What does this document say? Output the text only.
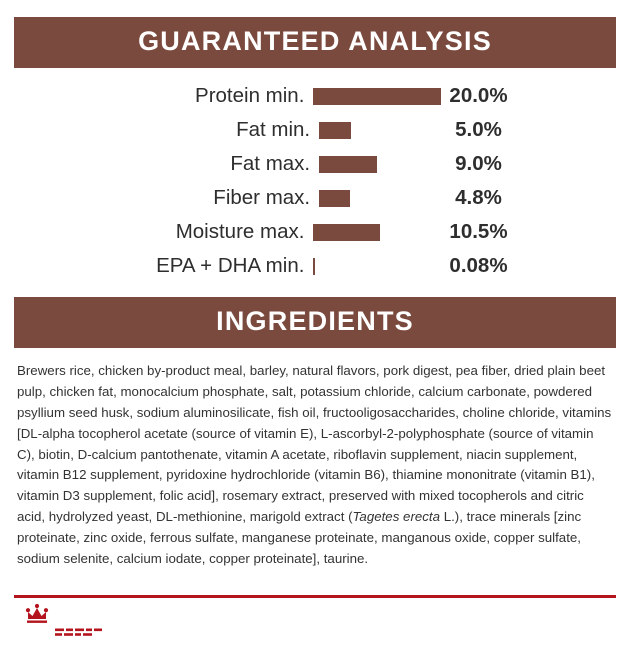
GUARANTEED ANALYSIS
Protein min.	20.0%
Fat min.	5.0%
Fat max.	9.0%
Fiber max.	4.8%
Moisture max.	10.5%
EPA + DHA min.	0.08%
INGREDIENTS
Brewers rice, chicken by-product meal, barley, natural flavors, pork digest, pea fiber, dried plain beet pulp, chicken fat, monocalcium phosphate, salt, potassium chloride, calcium carbonate, powdered psyllium seed husk, sodium aluminosilicate, fish oil, fructooligosaccharides, choline chloride, vitamins [DL-alpha tocopherol acetate (source of vitamin E), L-ascorbyl-2-polyphosphate (source of vitamin C), biotin, D-calcium pantothenate, vitamin A acetate, riboflavin supplement, niacin supplement, vitamin B12 supplement, pyridoxine hydrochloride (vitamin B6), thiamine mononitrate (vitamin B1), vitamin D3 supplement, folic acid], rosemary extract, preserved with mixed tocopherols and citric acid, hydrolyzed yeast, DL-methionine, marigold extract (Tagetes erecta L.), trace minerals [zinc proteinate, zinc oxide, ferrous sulfate, manganese proteinate, manganous oxide, copper sulfate, sodium selenite, calcium iodate, copper proteinate], taurine.
